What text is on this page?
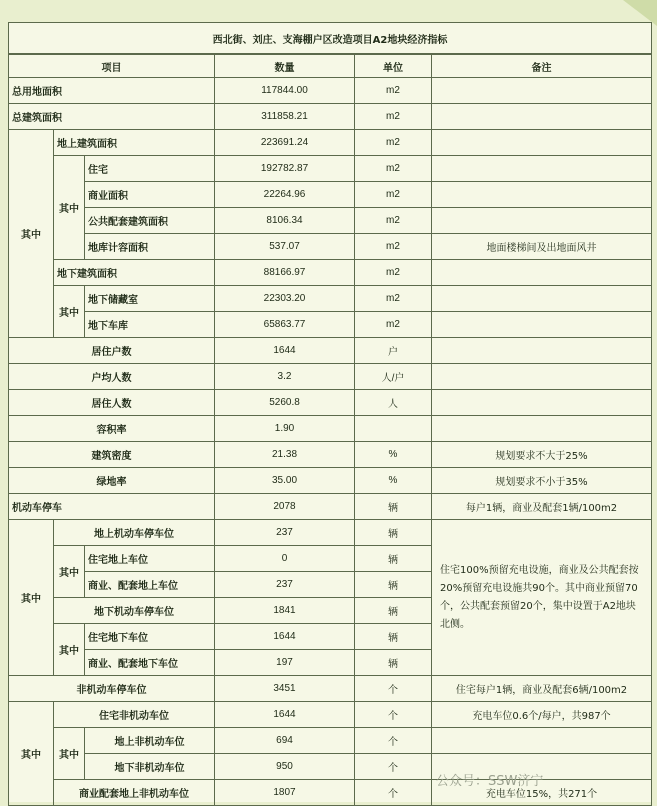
西北街、刘庄、支海棚户区改造项目A2地块经济指标					
项目			数量	单位	备注
总用地面积			117844.00	m2	
总建筑面积			311858.21	m2	
其中	地上建筑面积		223691.24	m2	
	其中	住宅	192782.87	m2	
		商业面积	22264.96	m2	
		公共配套建筑面积	8106.34	m2	
		地库计容面积	537.07	m2	地面楼梯间及出地面风井
	地下建筑面积		88166.97	m2	
	其中	地下储藏室	22303.20	m2	
		地下车库	65863.77	m2	
居住户数			1644	户	
户均人数			3.2	人/户	
居住人数			5260.8	人	
容积率			1.90		
建筑密度			21.38	%	规划要求不大于25%
绿地率			35.00	%	规划要求不小于35%
机动车停车			2078	辆	每户1辆，商业及配套1辆/100m2
其中	地上机动车停车位		237	辆	住宅100%预留充电设施，商业及公共配套按20%预留充电设施共90个。其中商业预留70个，公共配套预留20个，集中设置于A2地块北侧。
	其中	住宅地上车位	0	辆	
		商业、配套地上车位	237	辆	
	地下机动车停车位		1841	辆	
	其中	住宅地下车位	1644	辆	
		商业、配套地下车位	197	辆	
非机动车停车位			3451	个	住宅每户1辆，商业及配套6辆/100m2
其中	住宅非机动车位		1644	个	充电车位0.6个/每户，共987个
	其中	地上非机动车位	694	个	
		地下非机动车位	950	个	
	商业配套地上非机动车位		1807	个	充电车位15%，共271个
公众号：SSW济宁
